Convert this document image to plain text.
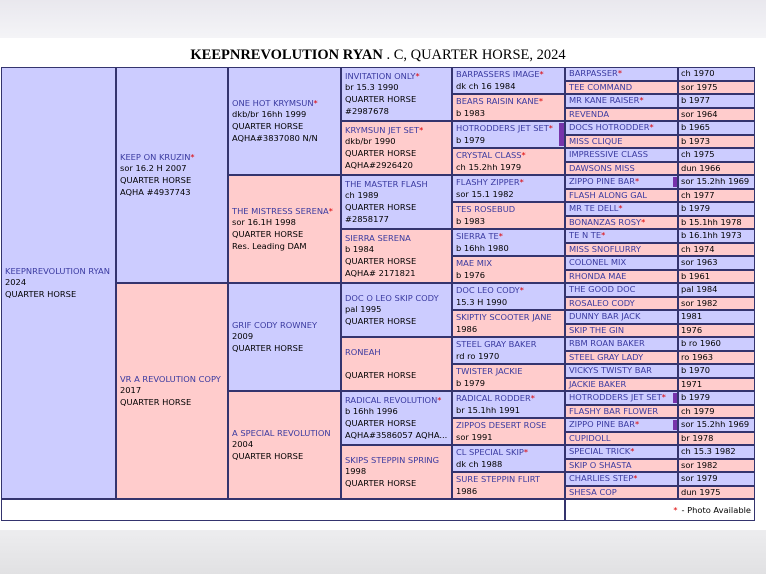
KEEPNREVOLUTION RYAN . C, QUARTER HORSE, 2024
KEEPNREVOLUTION RYAN
2024
QUARTER HORSE
KEEP ON KRUZIN*
sor 16.2 H 2007
QUARTER HORSE
AQHA #4937743
VR A REVOLUTION COPY
2017
QUARTER HORSE
ONE HOT KRYMSUN*
dkb/br 16hh 1999
QUARTER HORSE
AQHA#3837080 N/N
THE MISTRESS SERENA*
sor 16.1H 1998
QUARTER HORSE
Res. Leading DAM
GRIF CODY ROWNEY
2009
QUARTER HORSE
A SPECIAL REVOLUTION
2004
QUARTER HORSE
INVITATION ONLY*
br 15.3 1990
QUARTER HORSE
#2987678
KRYMSUN JET SET*
dkb/br 1990
QUARTER HORSE
AQHA#2926420
THE MASTER FLASH
ch 1989
QUARTER HORSE
#2858177
SIERRA SERENA
b 1984
QUARTER HORSE
AQHA# 2171821
DOC O LEO SKIP CODY
pal 1995
QUARTER HORSE
RONEAH
QUARTER HORSE
RADICAL REVOLUTION*
b 16hh 1996
QUARTER HORSE
AQHA#3586057 AQHA...
SKIPS STEPPIN SPRING
1998
QUARTER HORSE
BARPASSERS IMAGE*
dk ch 16 1984
BEARS RAISIN KANE*
b 1983
HOTRODDERS JET SET*
b 1979
CRYSTAL CLASS*
ch 15.2hh 1979
FLASHY ZIPPER*
sor 15.1 1982
TES ROSEBUD
b 1983
SIERRA TE*
b 16hh 1980
MAE MIX
b 1976
DOC LEO CODY*
15.3 H 1990
SKIPTIY SCOOTER JANE
1986
STEEL GRAY BAKER
rd ro 1970
TWISTER JACKIE
b 1979
RADICAL RODDER*
br 15.1hh 1991
ZIPPOS DESERT ROSE
sor 1991
CL SPECIAL SKIP*
dk ch 1988
SURE STEPPIN FLIRT
1986
BARPASSER*
TEE COMMAND
MR KANE RAISER*
REVENDA
DOCS HOTRODDER*
MISS CLIQUE
IMPRESSIVE CLASS
DAWSONS MISS
ZIPPO PINE BAR*
FLASH ALONG GAL
MR TE DELL*
BONANZAS ROSY*
TE N TE*
MISS SNOFLURRY
COLONEL MIX
RHONDA MAE
THE GOOD DOC
ROSALEO CODY
DUNNY BAR JACK
SKIP THE GIN
RBM ROAN BAKER
STEEL GRAY LADY
VICKYS TWISTY BAR
JACKIE BAKER
HOTRODDERS JET SET*
FLASHY BAR FLOWER
ZIPPO PINE BAR*
CUPIDOLL
SPECIAL TRICK*
SKIP O SHASTA
CHARLIES STEP*
SHESA COP
ch 1970
sor 1975
b 1977
sor 1964
b 1965
b 1973
ch 1975
dun 1966
sor 15.2hh 1969
ch 1977
b 1979
b 15.1hh 1978
b 16.1hh 1973
ch 1974
sor 1963
b 1961
pal 1984
sor 1982
1981
1976
b ro 1960
ro 1963
b 1970
1971
b 1979
ch 1979
sor 15.2hh 1969
br 1978
ch 15.3 1982
sor 1982
sor 1979
dun 1975
* - Photo Available
